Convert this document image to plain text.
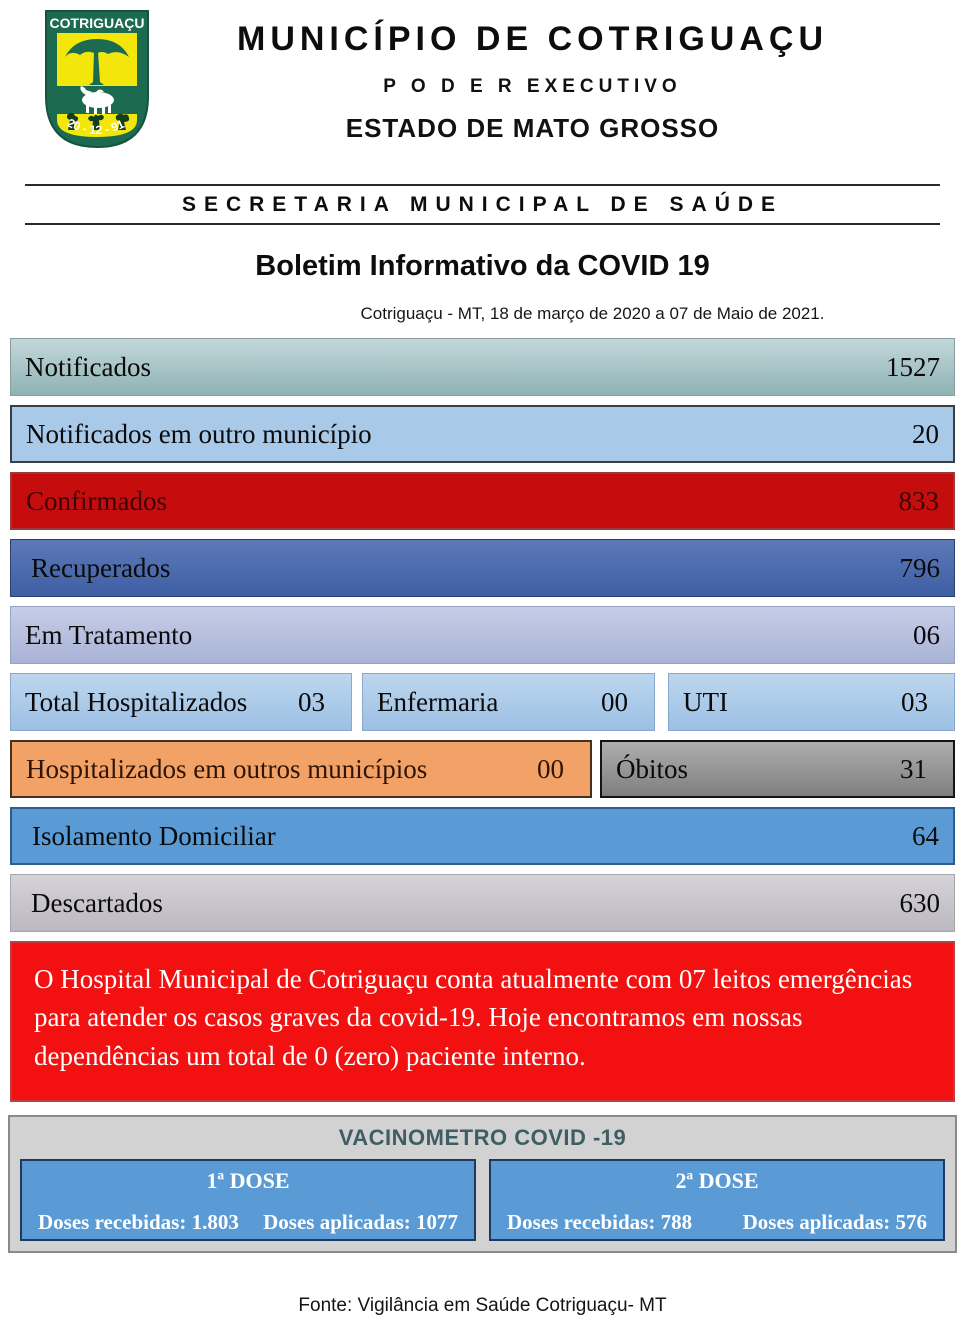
COTRIGUAÇU
20 - 12 - 91
MUNICÍPIO DE COTRIGUAÇU
P O D E R EXECUTIVO
ESTADO DE MATO GROSSO
SECRETARIA MUNICIPAL DE SAÚDE
Boletim Informativo da COVID 19
Cotriguaçu - MT, 18 de março de 2020 a 07 de Maio de 2021.
Notificados	1527
Notificados em outro município	20
Confirmados	833
Recuperados	796
Em Tratamento	06
Total Hospitalizados 03 Enfermaria	00 UTI	03
Hospitalizados em outros municípios	00 Óbitos	31
Isolamento Domiciliar	64
Descartados	630
O Hospital Municipal de Cotriguaçu conta atualmente com 07 leitos emergências para atender os casos graves da covid-19. Hoje encontramos em nossas dependências um total de 0 (zero) paciente interno.
VACINOMETRO COVID -19
1ª DOSE
Doses recebidas: 1.803 Doses aplicadas: 1077
2ª DOSE
Doses recebidas: 788 Doses aplicadas: 576
Fonte: Vigilância em Saúde Cotriguaçu- MT
